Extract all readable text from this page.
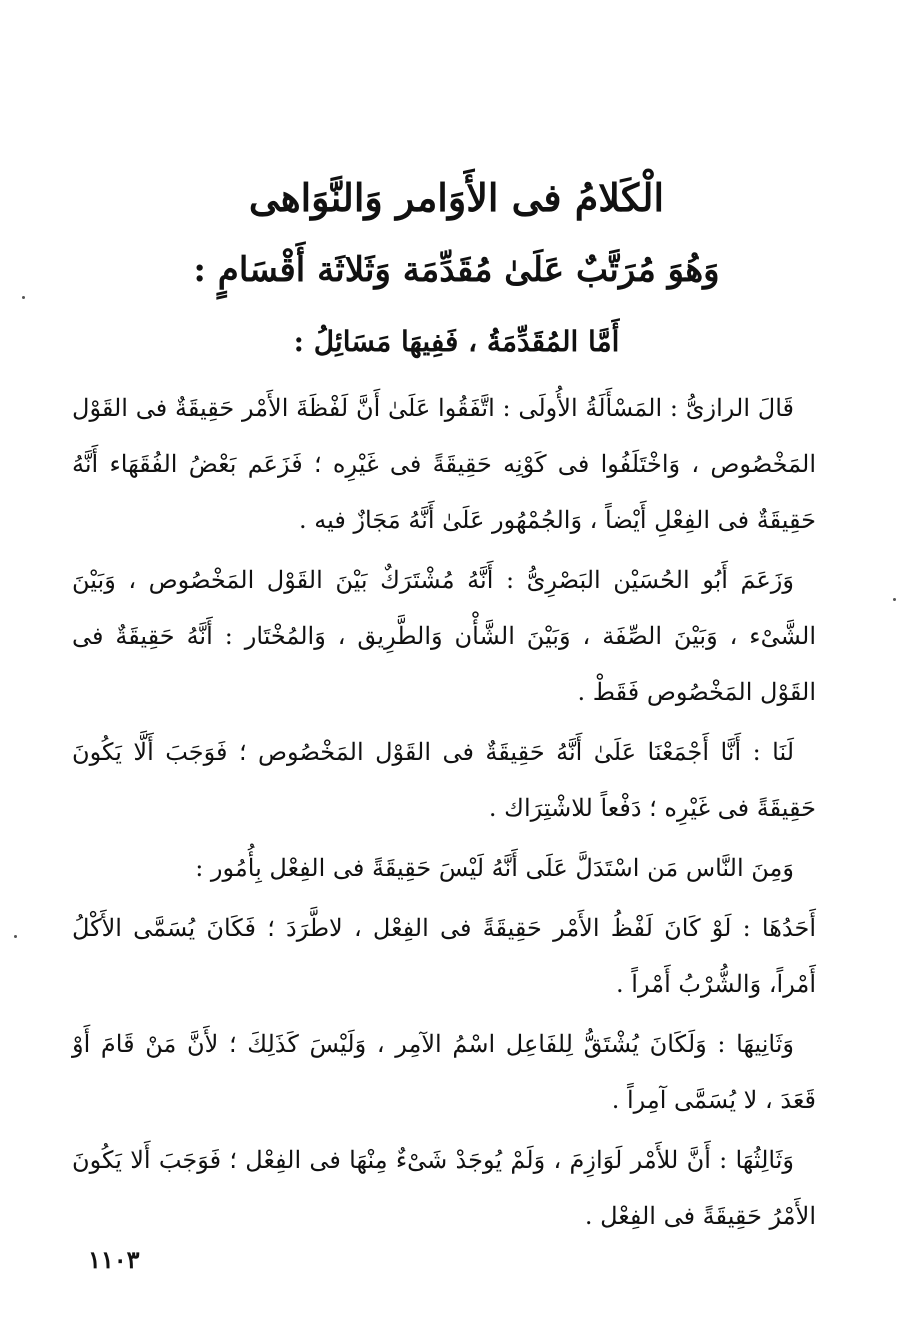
الْكَلامُ فى الأَوَامر وَالنَّوَاهى
وَهُوَ مُرَتَّبٌ عَلَىٰ مُقَدِّمَة وَثَلاثَة أَقْسَامٍ :
أَمَّا المُقَدِّمَةُ ، فَفِيهَا مَسَائِلُ :

قَالَ الرازىُّ : المَسْأَلَةُ الأُولَى : اتَّفَقُوا عَلَىٰ أَنَّ لَفْظَةَ الأَمْر حَقِيقَةٌ فى القَوْل المَخْصُوص ، وَاخْتَلَفُوا فى كَوْنِه حَقِيقَةً فى غَيْرِه ؛ فَزَعَم بَعْضُ الفُقَهَاء أَنَّهُ حَقِيقَةٌ فى الفِعْلِ أَيْضاً ، وَالجُمْهُور عَلَىٰ أَنَّهُ مَجَازٌ فيه .

وَزَعَمَ أَبُو الحُسَيْن البَصْرِىُّ : أَنَّهُ مُشْتَرَكٌ بَيْنَ القَوْل المَخْصُوص ، وَبَيْنَ الشَّىْء ، وَبَيْنَ الصِّفَة ، وَبَيْنَ الشَّأْن وَالطَّرِيق ، وَالمُخْتَار : أَنَّهُ حَقِيقَةٌ فى القَوْل المَخْصُوص فَقَطْ .

لَنَا : أَنَّا أَجْمَعْنَا عَلَىٰ أَنَّهُ حَقِيقَةٌ فى القَوْل المَخْصُوص ؛ فَوَجَبَ أَلَّا يَكُونَ حَقِيقَةً فى غَيْرِه ؛ دَفْعاً للاشْتِرَاك .

وَمِنَ النَّاس مَن اسْتَدَلَّ عَلَى أَنَّهُ لَيْسَ حَقِيقَةً فى الفِعْل بِأُمُور :

أَحَدُهَا : لَوْ كَانَ لَفْظُ الأَمْر حَقِيقَةً فى الفِعْل ، لاطَّرَدَ ؛ فَكَانَ يُسَمَّى الأَكْلُ أَمْراً، وَالشُّرْبُ أَمْراً .

وَثَانِيهَا : وَلَكَانَ يُشْتَقُّ لِلفَاعِل اسْمُ الآمِر ، وَلَيْسَ كَذَلِكَ ؛ لأَنَّ مَنْ قَامَ أَوْ قَعَدَ ، لا يُسَمَّى آمِراً .

وَثَالِثُهَا : أَنَّ للأَمْر لَوَازِمَ ، وَلَمْ يُوجَدْ شَىْءٌ مِنْهَا فى الفِعْل ؛ فَوَجَبَ أَلا يَكُونَ الأَمْرُ حَقِيقَةً فى الفِعْل .

١١٠٣
